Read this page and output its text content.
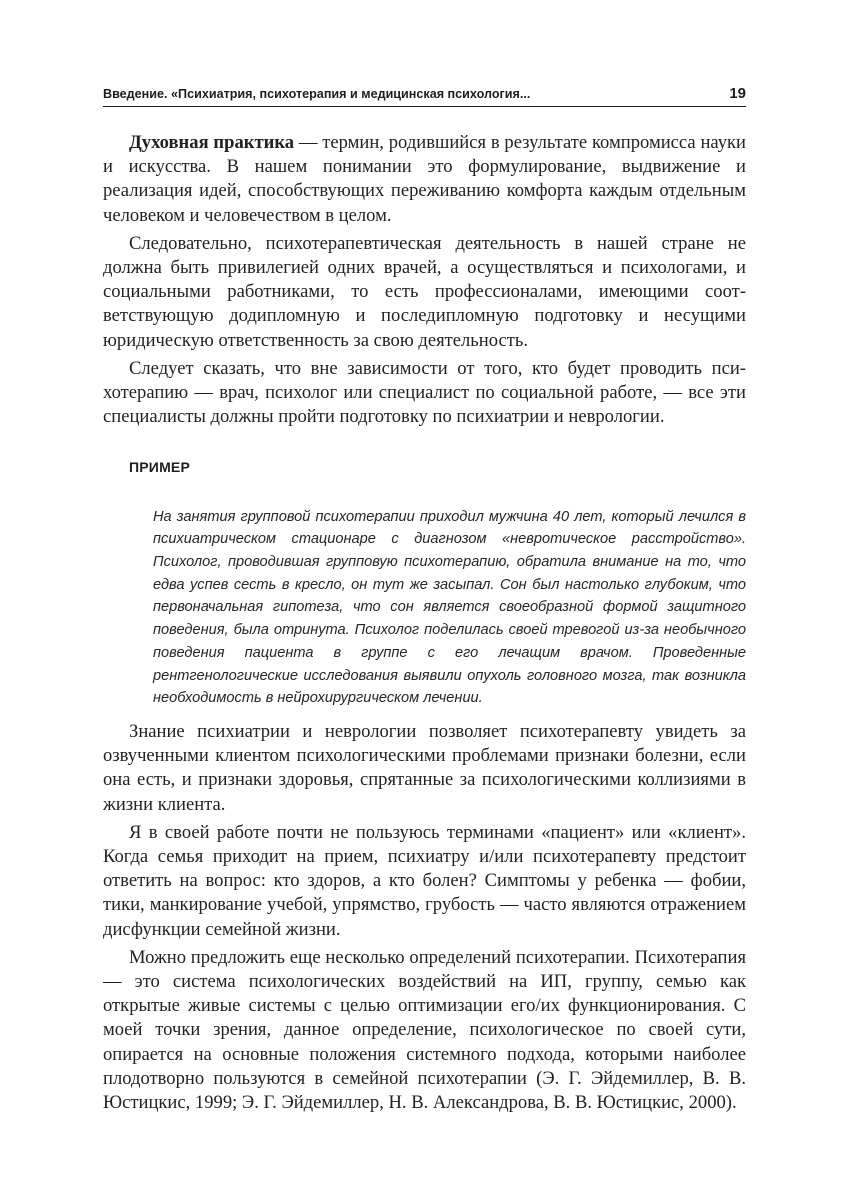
Введение. «Психиатрия, психотерапия и медицинская психология...	19

Духовная практика — термин, родившийся в результате компромисса науки и искусства. В нашем понимании это формулирование, выдвижение и реализация идей, способствующих переживанию комфорта каждым отдельным человеком и человечеством в целом.

Следовательно, психотерапевтическая деятельность в нашей стране не должна быть привилегией одних врачей, а осуществляться и психологами, и социальными работниками, то есть профессионалами, имеющими соответствующую додипломную и последипломную подготовку и несущими юридическую ответственность за свою деятельность.

Следует сказать, что вне зависимости от того, кто будет проводить психотерапию — врач, психолог или специалист по социальной работе, — все эти специалисты должны пройти подготовку по психиатрии и неврологии.

ПРИМЕР

На занятия групповой психотерапии приходил мужчина 40 лет, который лечился в психиатрическом стационаре с диагнозом «невротическое расстройство». Психолог, проводившая групповую психотерапию, обратила внимание на то, что едва успев сесть в кресло, он тут же засыпал. Сон был настолько глубоким, что первоначальная гипотеза, что сон является своеобразной формой защитного поведения, была отринута. Психолог поделилась своей тревогой из-за необычного поведения пациента в группе с его лечащим врачом. Проведенные рентгенологические исследования выявили опухоль головного мозга, так возникла необходимость в нейрохирургическом лечении.

Знание психиатрии и неврологии позволяет психотерапевту увидеть за озвученными клиентом психологическими проблемами признаки болезни, если она есть, и признаки здоровья, спрятанные за психологическими коллизиями в жизни клиента.

Я в своей работе почти не пользуюсь терминами «пациент» или «клиент». Когда семья приходит на прием, психиатру и/или психотерапевту предстоит ответить на вопрос: кто здоров, а кто болен? Симптомы у ребенка — фобии, тики, манкирование учебой, упрямство, грубость — часто являются отражением дисфункции семейной жизни.

Можно предложить еще несколько определений психотерапии. Психотерапия — это система психологических воздействий на ИП, группу, семью как открытые живые системы с целью оптимизации его/их функционирования. С моей точки зрения, данное определение, психологическое по своей сути, опирается на основные положения системного подхода, которыми наиболее плодотворно пользуются в семейной психотерапии (Э. Г. Эйдемиллер, В. В. Юстицкис, 1999; Э. Г. Эйдемиллер, Н. В. Александрова, В. В. Юстицкис, 2000).
